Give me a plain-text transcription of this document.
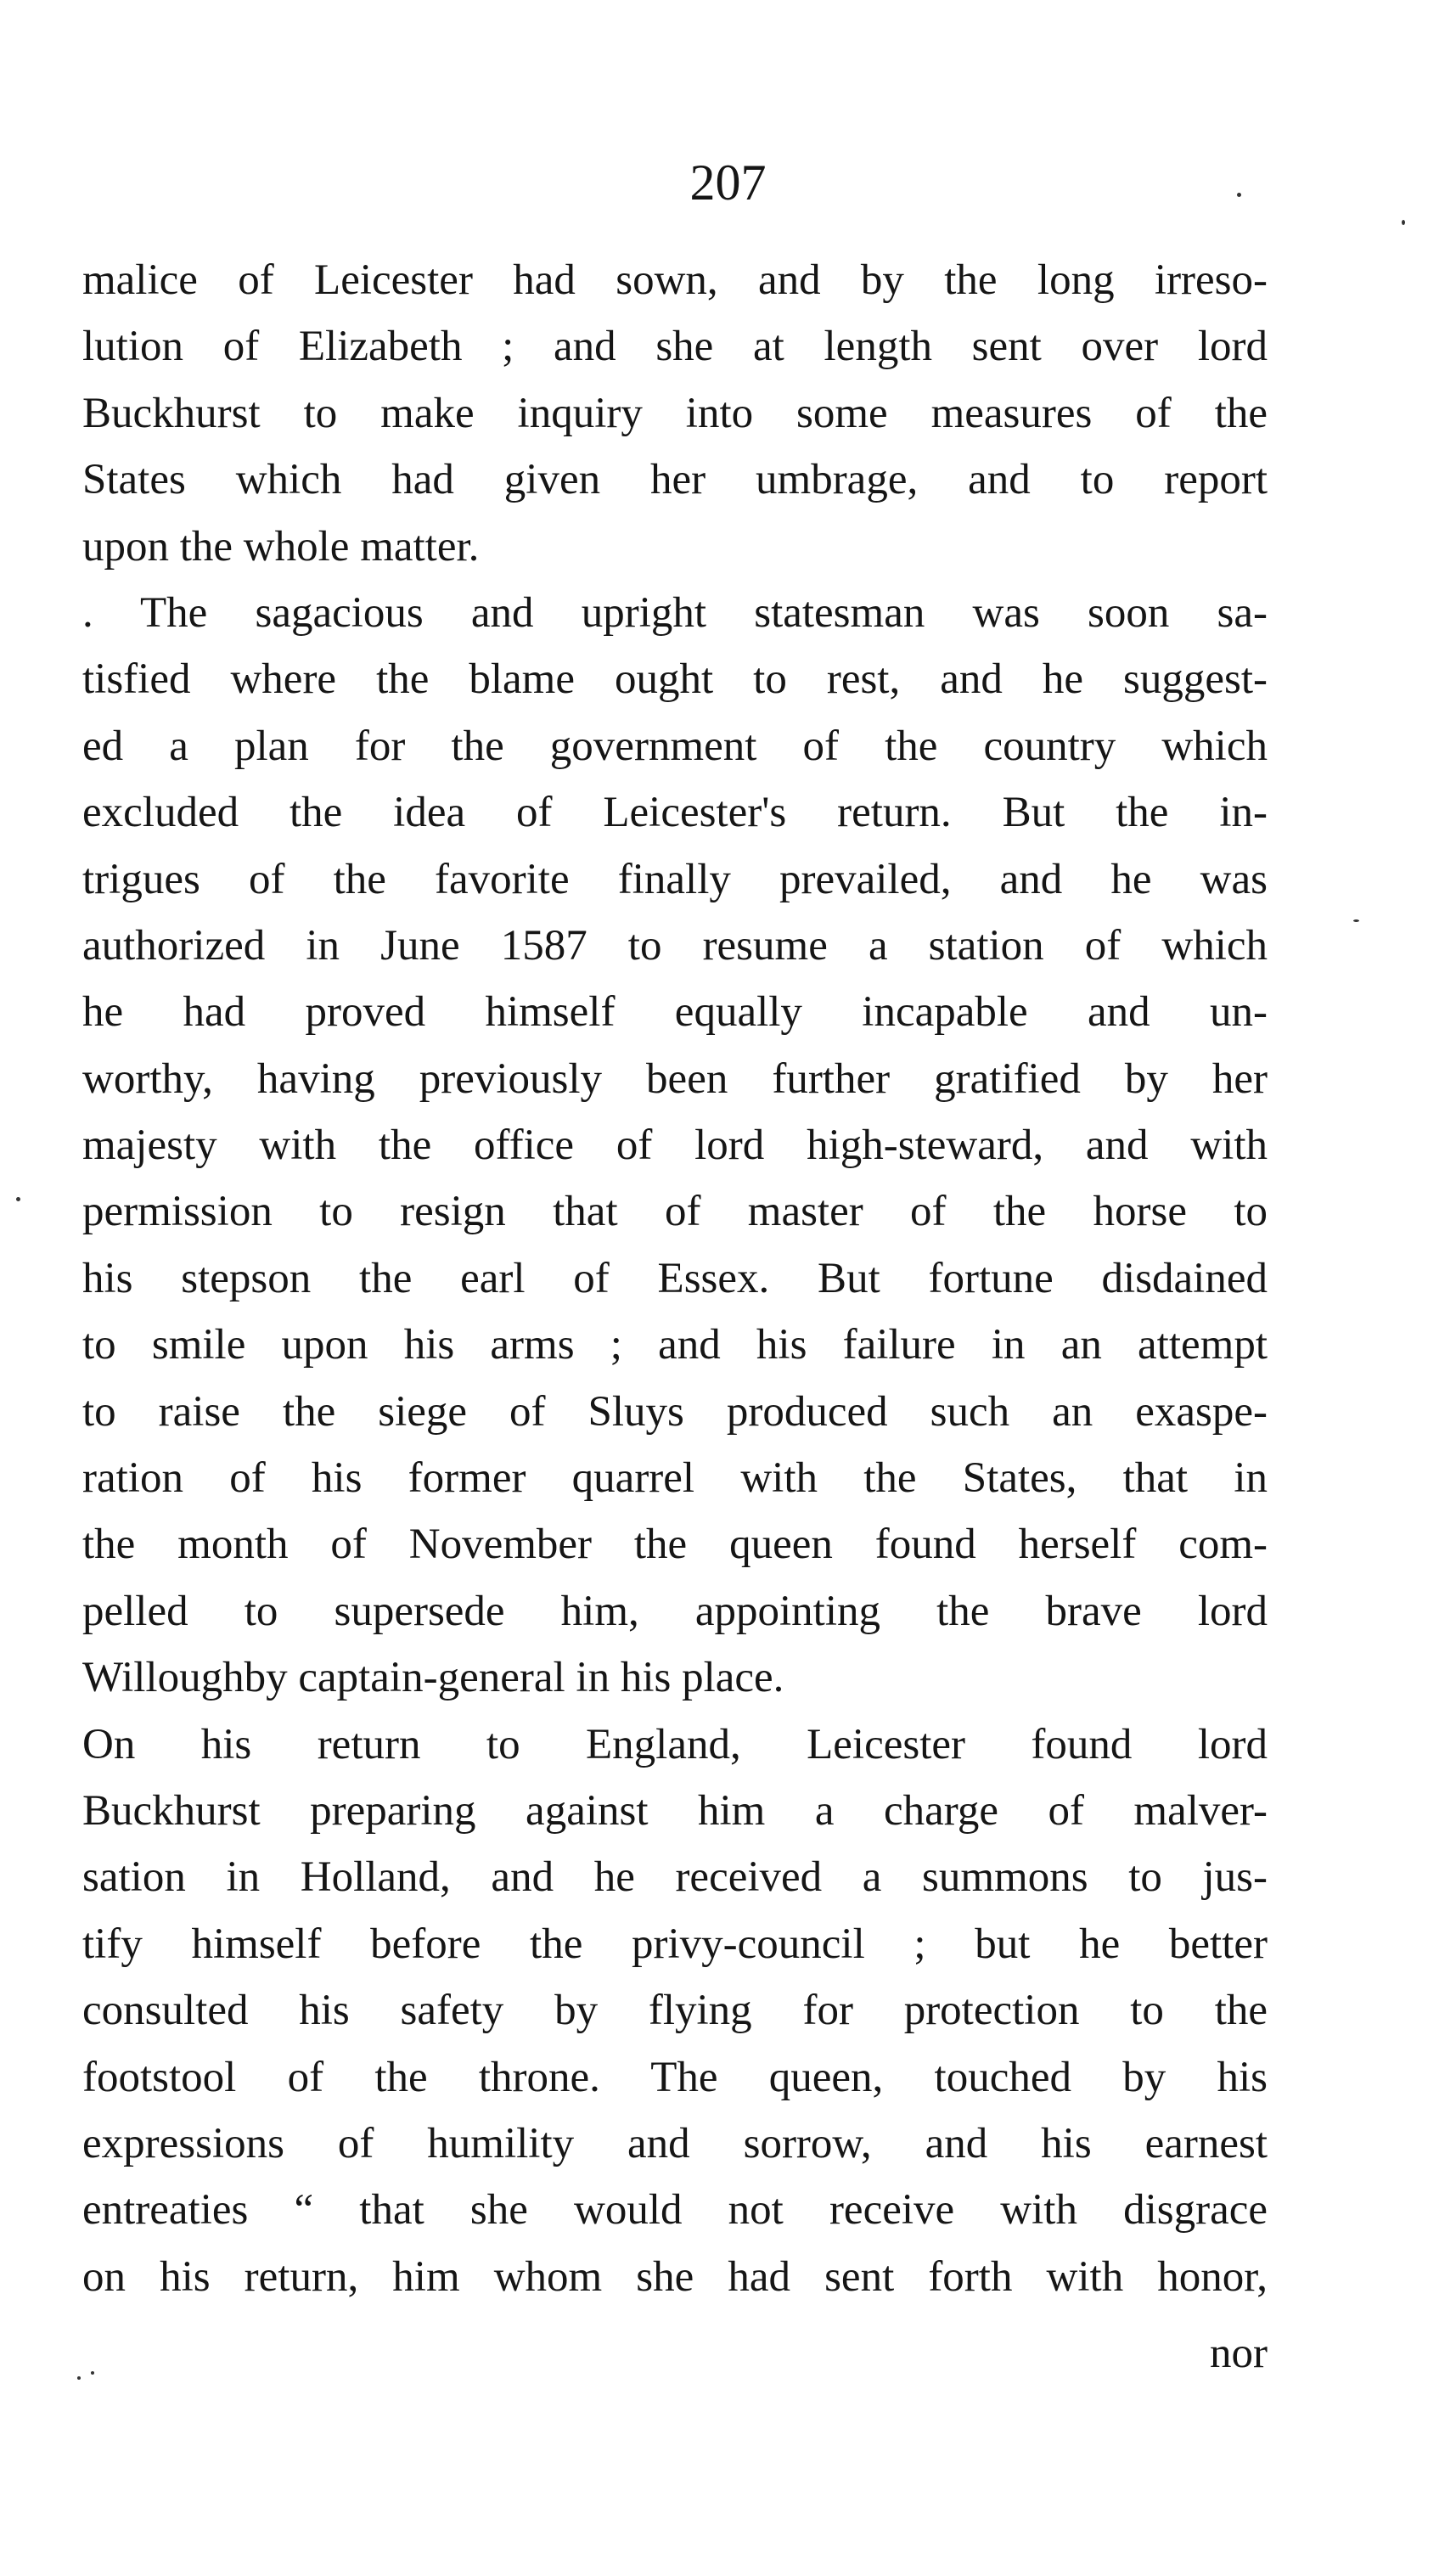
207
malice of Leicester had sown, and by the long irreso-
lution of Elizabeth ; and she at length sent over lord
Buckhurst to make inquiry into some measures of the
States which had given her umbrage, and to report
upon the whole matter.
. The sagacious and upright statesman was soon sa-
tisfied where the blame ought to rest, and he suggest-
ed a plan for the government of the country which
excluded the idea of Leicester's return. But the in-
trigues of the favorite finally prevailed, and he was
authorized in June 1587 to resume a station of which
he had proved himself equally incapable and un-
worthy, having previously been further gratified by her
majesty with the office of lord high-steward, and with
permission to resign that of master of the horse to
his stepson the earl of Essex. But fortune disdained
to smile upon his arms ; and his failure in an attempt
to raise the siege of Sluys produced such an exaspe-
ration of his former quarrel with the States, that in
the month of November the queen found herself com-
pelled to supersede him, appointing the brave lord
Willoughby captain-general in his place.
On his return to England, Leicester found lord
Buckhurst preparing against him a charge of malver-
sation in Holland, and he received a summons to jus-
tify himself before the privy-council ; but he better
consulted his safety by flying for protection to the
footstool of the throne. The queen, touched by his
expressions of humility and sorrow, and his earnest
entreaties “ that she would not receive with disgrace
on his return, him whom she had sent forth with honor,
nor
